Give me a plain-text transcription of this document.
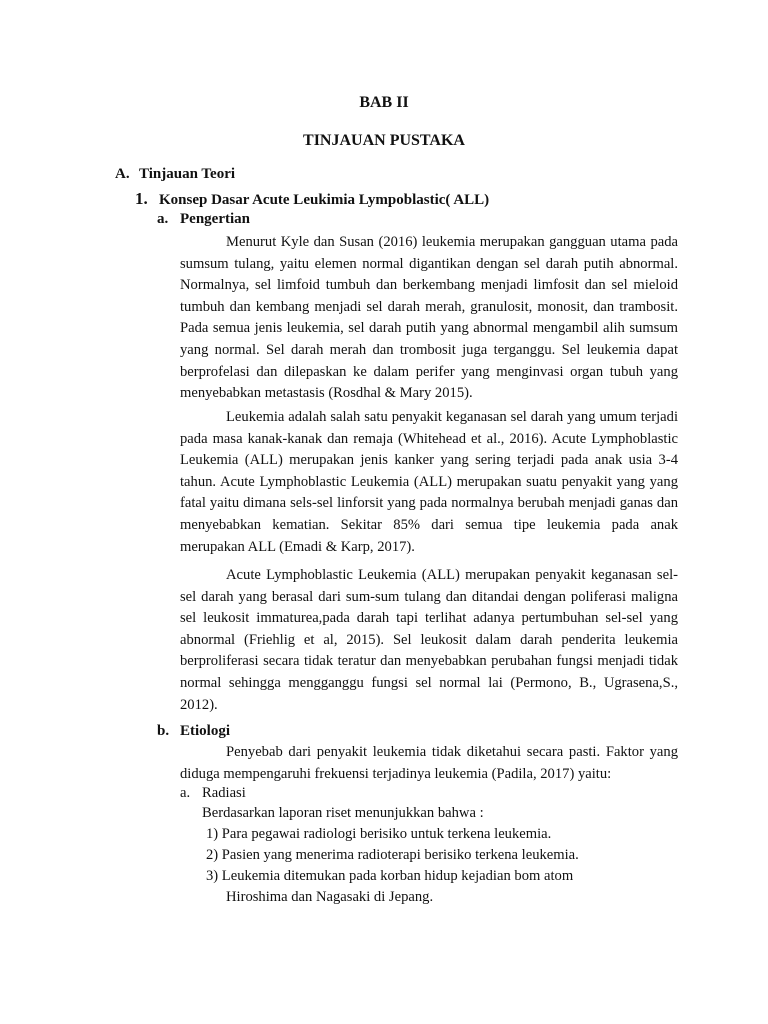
BAB II
TINJAUAN PUSTAKA
A. Tinjauan Teori
1. Konsep Dasar Acute Leukimia Lympoblastic( ALL)
a. Pengertian

Menurut Kyle dan Susan (2016) leukemia merupakan gangguan utama pada sumsum tulang, yaitu elemen normal digantikan dengan sel darah putih abnormal. Normalnya, sel limfoid tumbuh dan berkembang menjadi limfosit dan sel mieloid tumbuh dan kembang menjadi sel darah merah, granulosit, monosit, dan trambosit. Pada semua jenis leukemia, sel darah putih yang abnormal mengambil alih sumsum yang normal. Sel darah merah dan trombosit juga terganggu. Sel leukemia dapat berprofelasi dan dilepaskan ke dalam perifer yang menginvasi organ tubuh yang menyebabkan metastasis (Rosdhal & Mary 2015).

Leukemia adalah salah satu penyakit keganasan sel darah yang umum terjadi pada masa kanak-kanak dan remaja (Whitehead et al., 2016). Acute Lymphoblastic Leukemia (ALL) merupakan jenis kanker yang sering terjadi pada anak usia 3-4 tahun. Acute Lymphoblastic Leukemia (ALL) merupakan suatu penyakit yang yang fatal yaitu dimana sels-sel linforsit yang pada normalnya berubah menjadi ganas dan menyebabkan kematian. Sekitar 85% dari semua tipe leukemia pada anak merupakan ALL (Emadi & Karp, 2017).

Acute Lymphoblastic Leukemia (ALL) merupakan penyakit keganasan sel-sel darah yang berasal dari sum-sum tulang dan ditandai dengan poliferasi maligna sel leukosit immaturea,pada darah tapi terlihat adanya pertumbuhan sel-sel yang abnormal (Friehlig et al, 2015). Sel leukosit dalam darah penderita leukemia berproliferasi secara tidak teratur dan menyebabkan perubahan fungsi menjadi tidak normal sehingga mengganggu fungsi sel normal lai (Permono, B., Ugrasena,S., 2012).

b. Etiologi

Penyebab dari penyakit leukemia tidak diketahui secara pasti. Faktor yang diduga mempengaruhi frekuensi terjadinya leukemia (Padila, 2017) yaitu:

a. Radiasi
Berdasarkan laporan riset menunjukkan bahwa :
1) Para pegawai radiologi berisiko untuk terkena leukemia.
2) Pasien yang menerima radioterapi berisiko terkena leukemia.
3) Leukemia ditemukan pada korban hidup kejadian bom atom
Hiroshima dan Nagasaki di Jepang.
